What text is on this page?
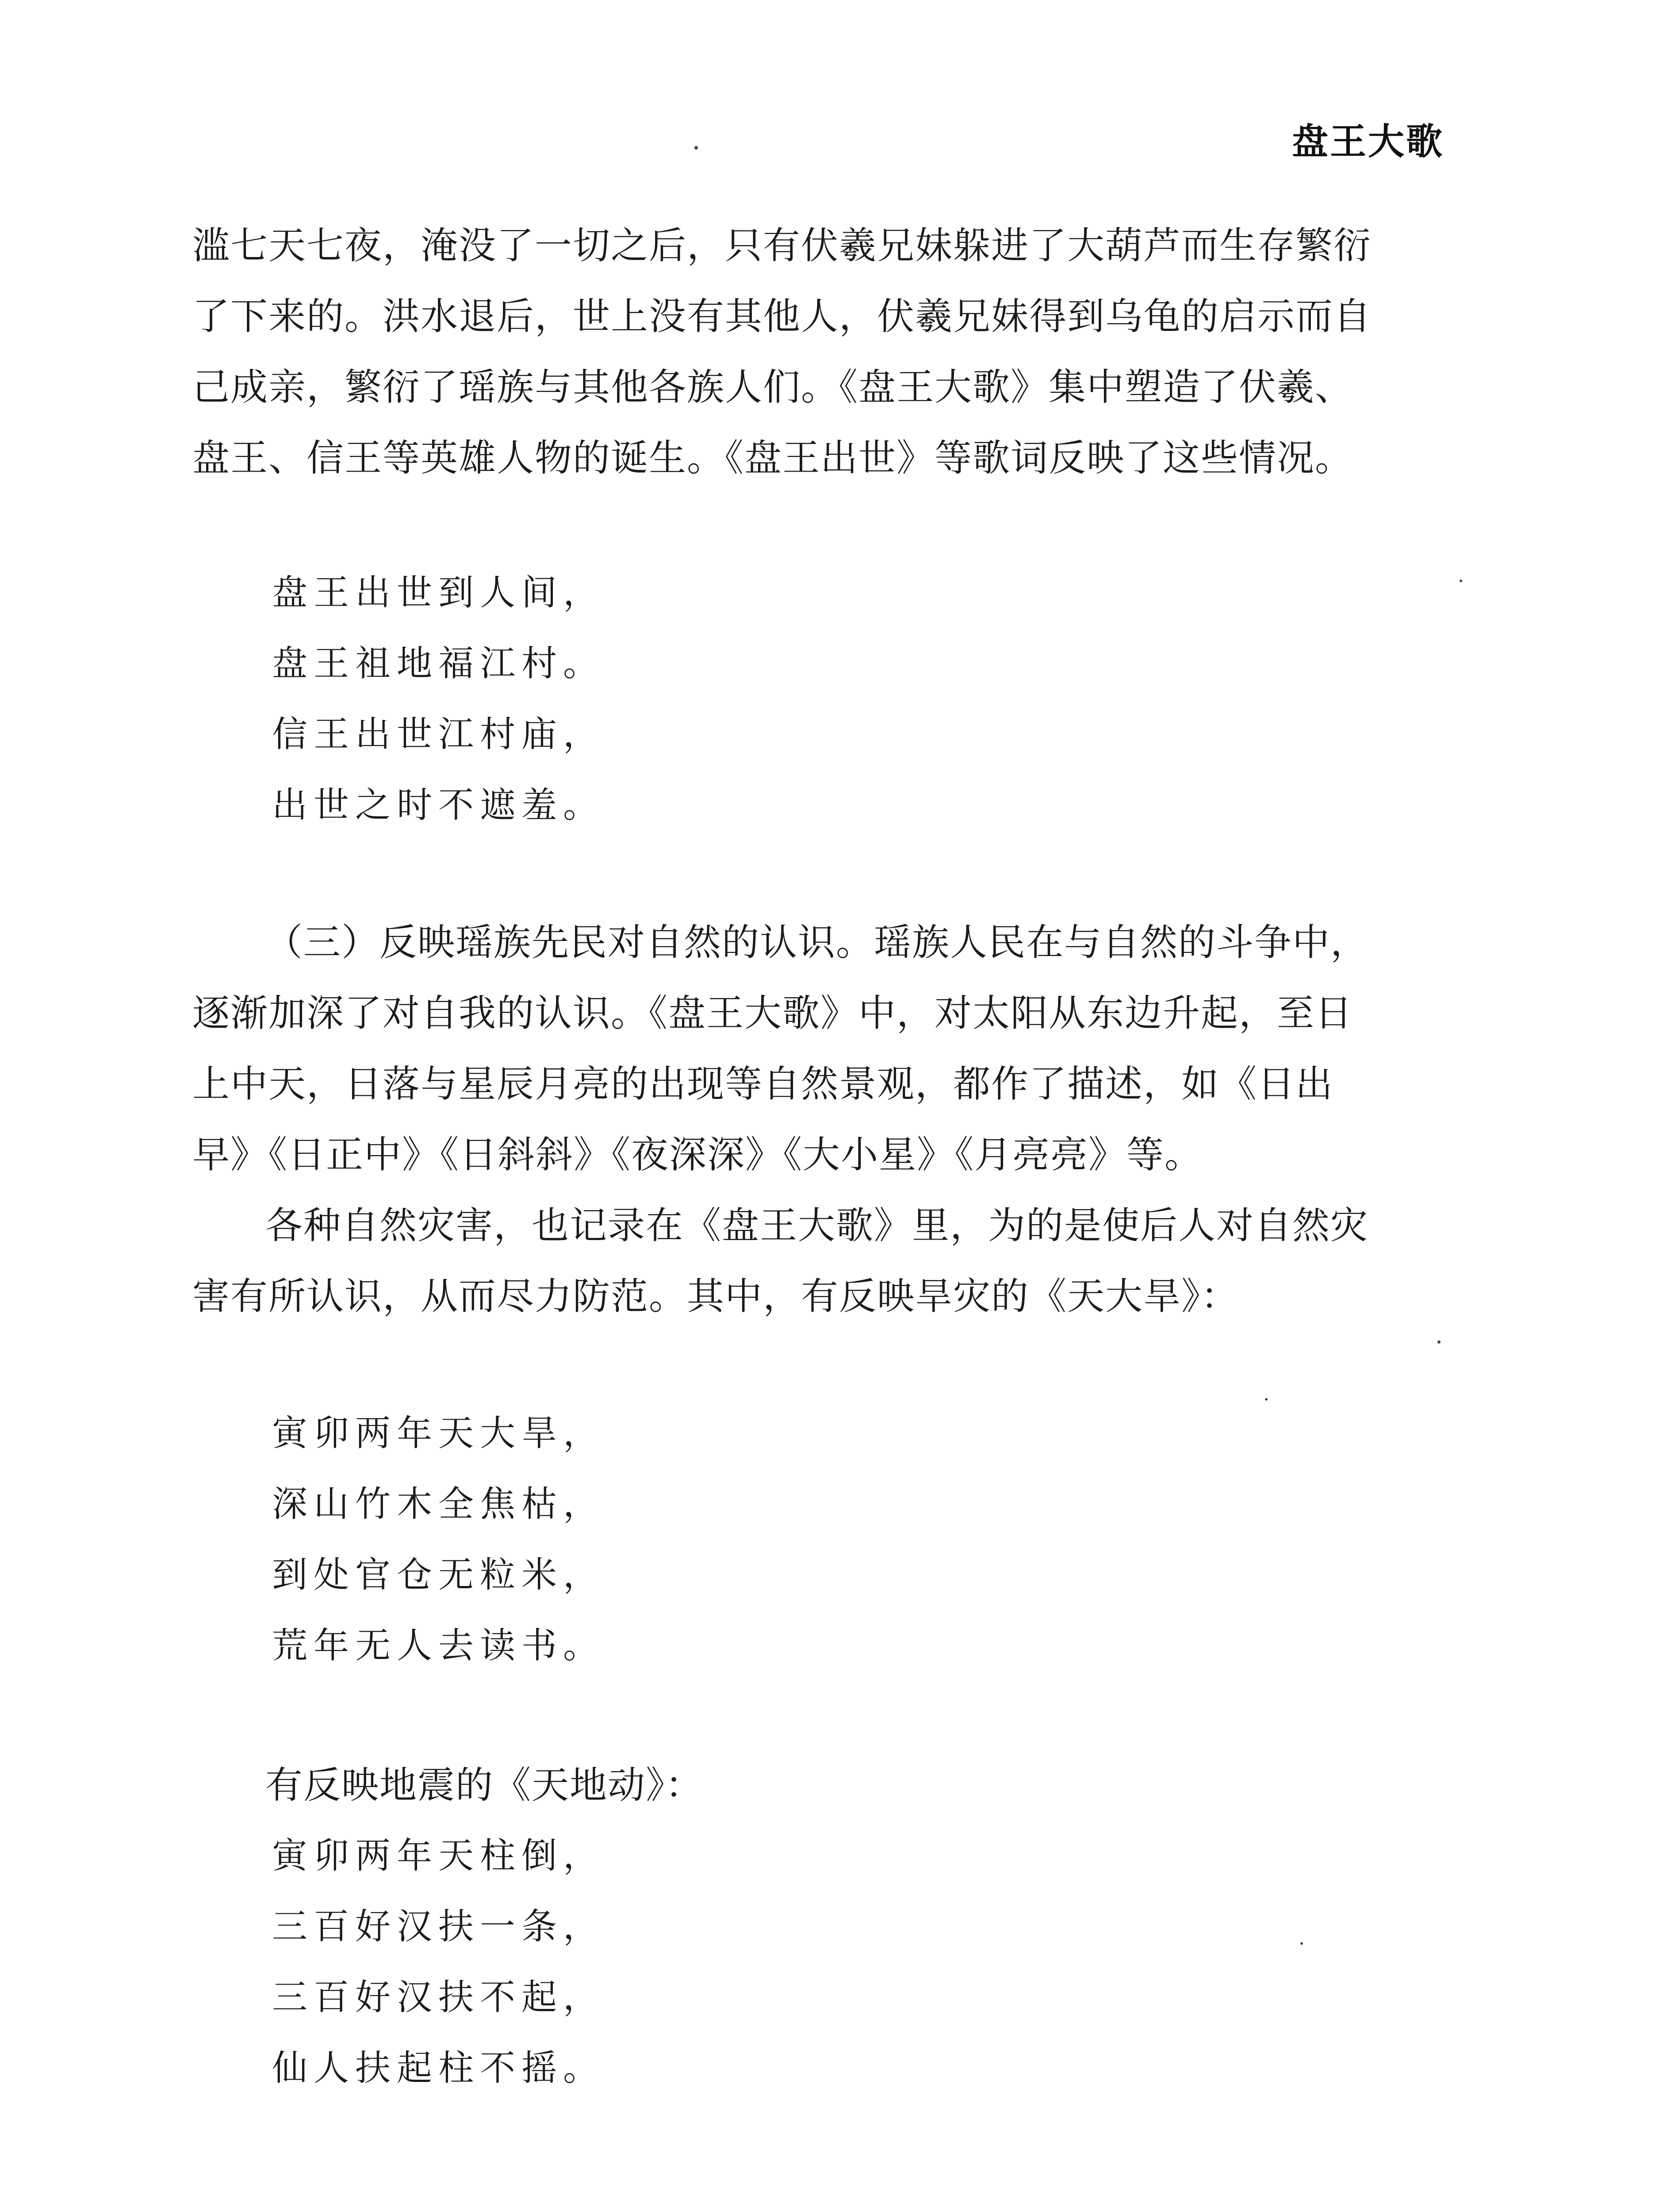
盘王大歌
滥七天七夜，淹没了一切之后，只有伏羲兄妹躲进了大葫芦而生存繁衍
了下来的。洪水退后，世上没有其他人，伏羲兄妹得到乌龟的启示而自
己成亲，繁衍了瑶族与其他各族人们。《盘王大歌》集中塑造了伏羲、
盘王、信王等英雄人物的诞生。《盘王出世》等歌词反映了这些情况。
盘王出世到人间，
盘王祖地福江村。
信王出世江村庙，
出世之时不遮羞。
（三）反映瑶族先民对自然的认识。瑶族人民在与自然的斗争中，
逐渐加深了对自我的认识。《盘王大歌》中，对太阳从东边升起，至日
上中天，日落与星辰月亮的出现等自然景观，都作了描述，如《日出
早》《日正中》《日斜斜》《夜深深》《大小星》《月亮亮》等。
各种自然灾害，也记录在《盘王大歌》里，为的是使后人对自然灾
害有所认识，从而尽力防范。其中，有反映旱灾的《天大旱》：
寅卯两年天大旱，
深山竹木全焦枯，
到处官仓无粒米，
荒年无人去读书。
有反映地震的《天地动》：
寅卯两年天柱倒，
三百好汉扶一条，
三百好汉扶不起，
仙人扶起柱不摇。
